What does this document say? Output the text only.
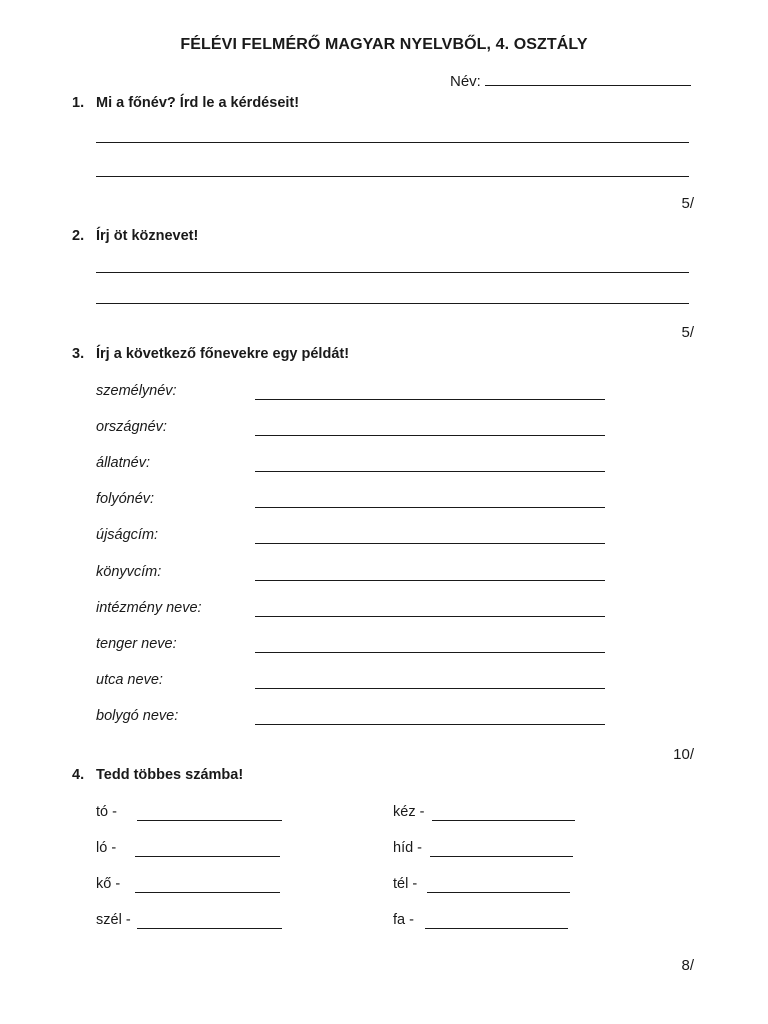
FÉLÉVI FELMÉRŐ MAGYAR NYELVBŐL, 4. OSZTÁLY
Név:
1. Mi a főnév? Írd le a kérdéseit!
5/
2. Írj öt köznevet!
5/
3. Írj a következő főnevekre egy példát!
személynév:
országnév:
állatnév:
folyónév:
újságcím:
könyvcím:
intézmény neve:
tenger neve:
utca neve:
bolygó neve:
10/
4. Tedd többes számba!
tó -
ló -
kő -
szél -
kéz -
híd -
tél -
fa -
8/
